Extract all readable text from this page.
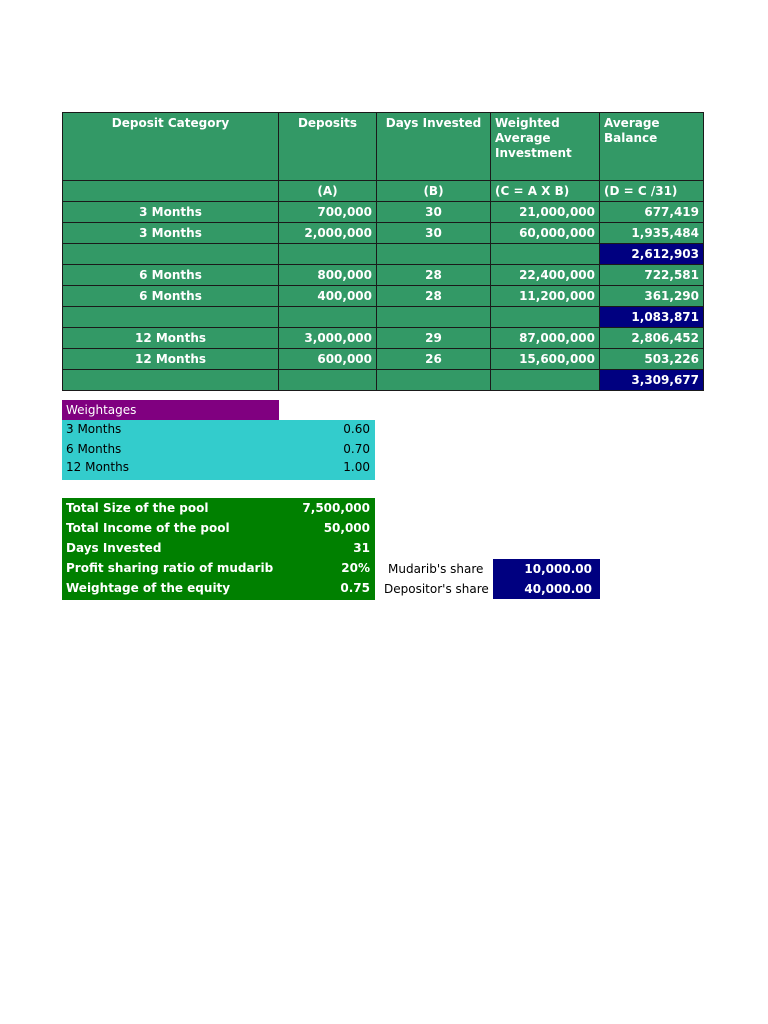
Deposit Category	Deposits	Days Invested	Weighted Average Investment	Average Balance
	(A)	(B)	(C = A X B)	(D = C /31)
3 Months	700,000	30	21,000,000	677,419
3 Months	2,000,000	30	60,000,000	1,935,484
				2,612,903
6 Months	800,000	28	22,400,000	722,581
6 Months	400,000	28	11,200,000	361,290
				1,083,871
12 Months	3,000,000	29	87,000,000	2,806,452
12 Months	600,000	26	15,600,000	503,226
				3,309,677
Weightages
3 Months	0.60
6 Months	0.70
12 Months	1.00
Total Size of the pool	7,500,000
Total Income of the pool	50,000
Days Invested	31
Profit sharing ratio of mudarib	20%
Weightage of the equity	0.75
Mudarib's share	10,000.00
Depositor's share	40,000.00
